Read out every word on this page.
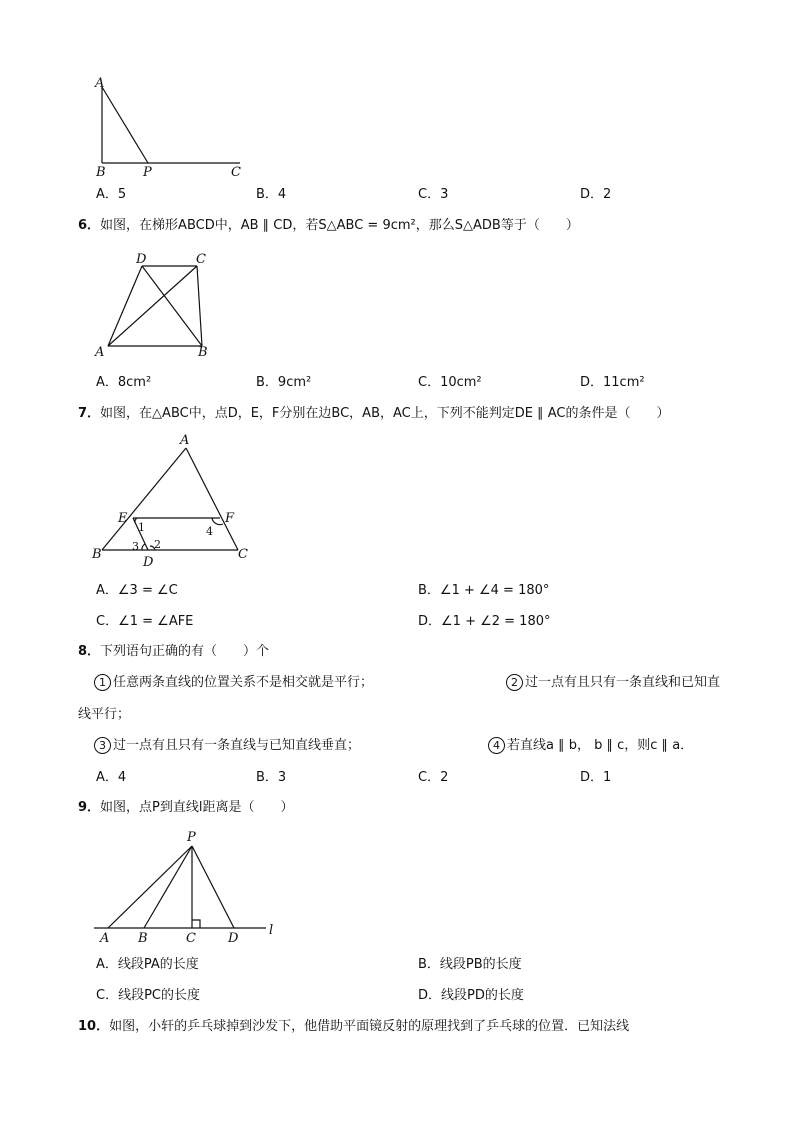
A
B	P	C
A．5	B．4	C．3	D．2
6．如图，在梯形ABCD中，AB ∥ CD，若S△ABC = 9cm²，那么S△ADB等于（　　）
D	C
A	B
A．8cm²	B．9cm²	C．10cm²	D．11cm²
7．如图，在△ABC中，点D，E，F分别在边BC，AB，AC上，下列不能判定DE ∥ AC的条件是（　　）
A
E	F
B	C
D
1	4
3 2
A．∠3 = ∠C	B．∠1 + ∠4 = 180°
C．∠1 = ∠AFE	D．∠1 + ∠2 = 180°
8．下列语句正确的有（　　）个
1 任意两条直线的位置关系不是相交就是平行；	2 过一点有且只有一条直线和已知直
线平行；
3 过一点有且只有一条直线与已知直线垂直；	4 若直线a ∥ b， b ∥ c，则c ∥ a．
A．4	B．3	C．2	D．1
9．如图，点P到直线l距离是（　　）
P
A B	C D
l
A．线段PA的长度	B．线段PB的长度
C．线段PC的长度	D．线段PD的长度
10．如图，小轩的乒乓球掉到沙发下，他借助平面镜反射的原理找到了乒乓球的位置．已知法线
